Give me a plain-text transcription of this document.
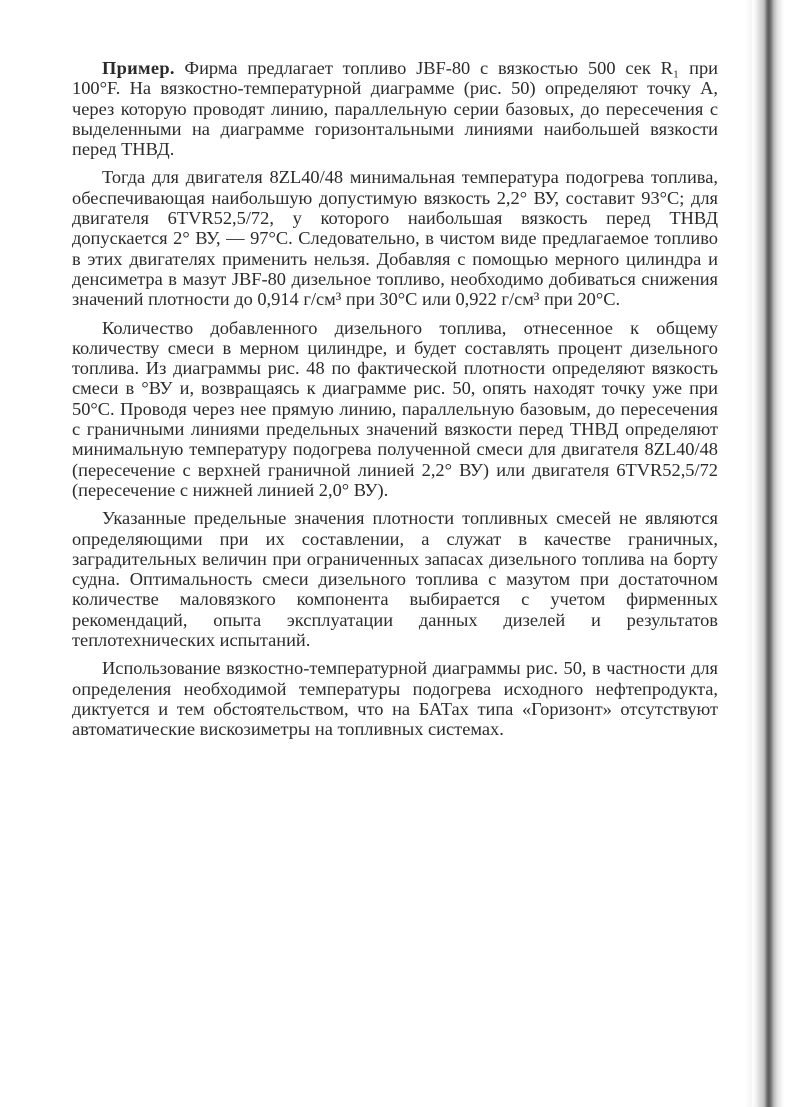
Пример. Фирма предлагает топливо JBF-80 с вязкостью 500 сек R₁ при 100°F. На вязкостно-температурной диаграмме (рис. 50) определяют точку A, через которую проводят линию, параллельную серии базовых, до пересечения с выделенными на диаграмме горизонтальными линиями наибольшей вязкости перед ТНВД.

Тогда для двигателя 8ZL40/48 минимальная температура подогрева топлива, обеспечивающая наибольшую допустимую вязкость 2,2° ВУ, составит 93°С; для двигателя 6TVR52,5/72, у которого наибольшая вязкость перед ТНВД допускается 2° ВУ, — 97°С. Следовательно, в чистом виде предлагаемое топливо в этих двигателях применить нельзя. Добавляя с помощью мерного цилиндра и денсиметра в мазут JBF-80 дизельное топливо, необходимо добиваться снижения значений плотности до 0,914 г/см³ при 30°С или 0,922 г/см³ при 20°С.

Количество добавленного дизельного топлива, отнесенное к общему количеству смеси в мерном цилиндре, и будет составлять процент дизельного топлива. Из диаграммы рис. 48 по фактической плотности определяют вязкость смеси в °ВУ и, возвращаясь к диаграмме рис. 50, опять находят точку уже при 50°С. Проводя через нее прямую линию, параллельную базовым, до пересечения с граничными линиями предельных значений вязкости перед ТНВД определяют минимальную температуру подогрева полученной смеси для двигателя 8ZL40/48 (пересечение с верхней граничной линией 2,2° ВУ) или двигателя 6TVR52,5/72 (пересечение с нижней линией 2,0° ВУ).

Указанные предельные значения плотности топливных смесей не являются определяющими при их составлении, а служат в качестве граничных, заградительных величин при ограниченных запасах дизельного топлива на борту судна. Оптимальность смеси дизельного топлива с мазутом при достаточном количестве маловязкого компонента выбирается с учетом фирменных рекомендаций, опыта эксплуатации данных дизелей и результатов теплотехнических испытаний.

Использование вязкостно-температурной диаграммы рис. 50, в частности для определения необходимой температуры подогрева исходного нефтепродукта, диктуется и тем обстоятельством, что на БАТах типа «Горизонт» отсутствуют автоматические вискозиметры на топливных системах.
